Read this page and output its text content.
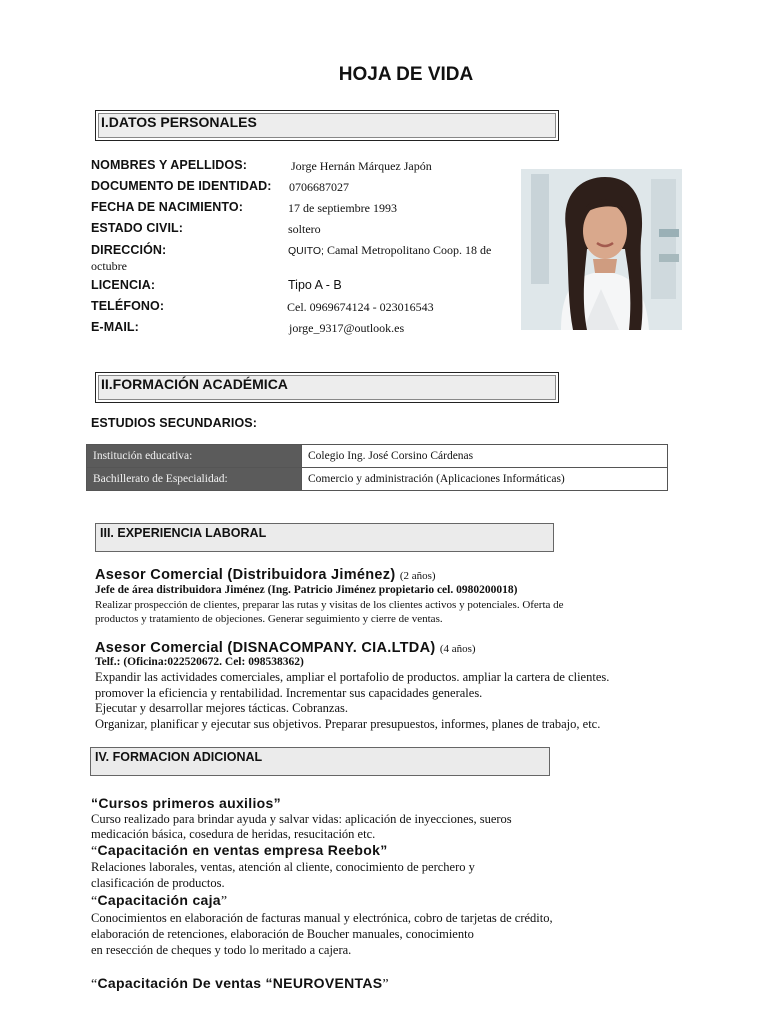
HOJA DE VIDA
I.DATOS PERSONALES
NOMBRES Y APELLIDOS:	Jorge Hernán Márquez Japón
DOCUMENTO DE IDENTIDAD: 0706687027
FECHA DE NACIMIENTO:	17 de septiembre 1993
ESTADO CIVIL:	soltero
DIRECCIÓN:	QUITO; Camal Metropolitano Coop. 18 de
octubre
LICENCIA:	Tipo A - B
TELÉFONO:	Cel. 0969674124 - 023016543
E-MAIL:	jorge_9317@outlook.es
II.FORMACIÓN ACADÉMICA
ESTUDIOS SECUNDARIOS:
Institución educativa:	Colegio Ing. José Corsino Cárdenas
Bachillerato de Especialidad:	Comercio y administración (Aplicaciones Informáticas)
III. EXPERIENCIA LABORAL
Asesor Comercial (Distribuidora Jiménez) (2 años)
Jefe de área distribuidora Jiménez (Ing. Patricio Jiménez propietario cel. 0980200018)
Realizar prospección de clientes, preparar las rutas y visitas de los clientes activos y potenciales. Oferta de
productos y tratamiento de objeciones. Generar seguimiento y cierre de ventas.
Asesor Comercial (DISNACOMPANY. CIA.LTDA) (4 años)
Telf.: (Oficina:022520672. Cel: 098538362)
Expandir las actividades comerciales, ampliar el portafolio de productos. ampliar la cartera de clientes.
promover la eficiencia y rentabilidad. Incrementar sus capacidades generales.
Ejecutar y desarrollar mejores tácticas. Cobranzas.
Organizar, planificar y ejecutar sus objetivos. Preparar presupuestos, informes, planes de trabajo, etc.
IV. FORMACION ADICIONAL
“Cursos primeros auxilios”
Curso realizado para brindar ayuda y salvar vidas: aplicación de inyecciones, sueros
medicación básica, cosedura de heridas, resucitación etc.
“Capacitación en ventas empresa Reebok”
Relaciones laborales, ventas, atención al cliente, conocimiento de perchero y
clasificación de productos.
“Capacitación caja”
Conocimientos en elaboración de facturas manual y electrónica, cobro de tarjetas de crédito,
elaboración de retenciones, elaboración de Boucher manuales, conocimiento
en resección de cheques y todo lo meritado a cajera.
“Capacitación De ventas “NEUROVENTAS”
